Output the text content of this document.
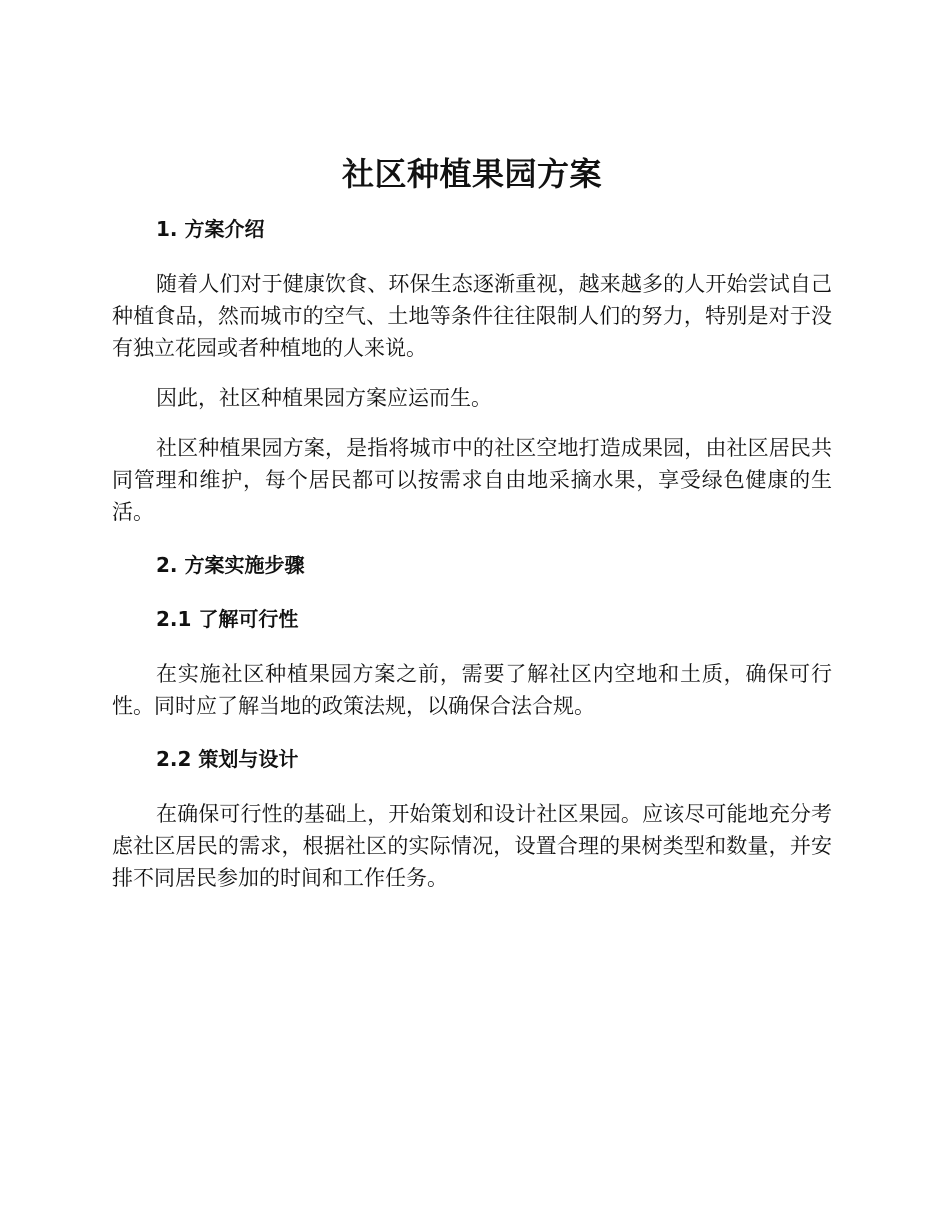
社区种植果园方案
1. 方案介绍

随着人们对于健康饮食、环保生态逐渐重视，越来越多的人开始尝试自己种植食品，然而城市的空气、土地等条件往往限制人们的努力，特别是对于没有独立花园或者种植地的人来说。

因此，社区种植果园方案应运而生。

社区种植果园方案，是指将城市中的社区空地打造成果园，由社区居民共同管理和维护，每个居民都可以按需求自由地采摘水果，享受绿色健康的生活。

2. 方案实施步骤
2.1 了解可行性

在实施社区种植果园方案之前，需要了解社区内空地和土质，确保可行性。同时应了解当地的政策法规，以确保合法合规。

2.2 策划与设计

在确保可行性的基础上，开始策划和设计社区果园。应该尽可能地充分考虑社区居民的需求，根据社区的实际情况，设置合理的果树类型和数量，并安排不同居民参加的时间和工作任务。
